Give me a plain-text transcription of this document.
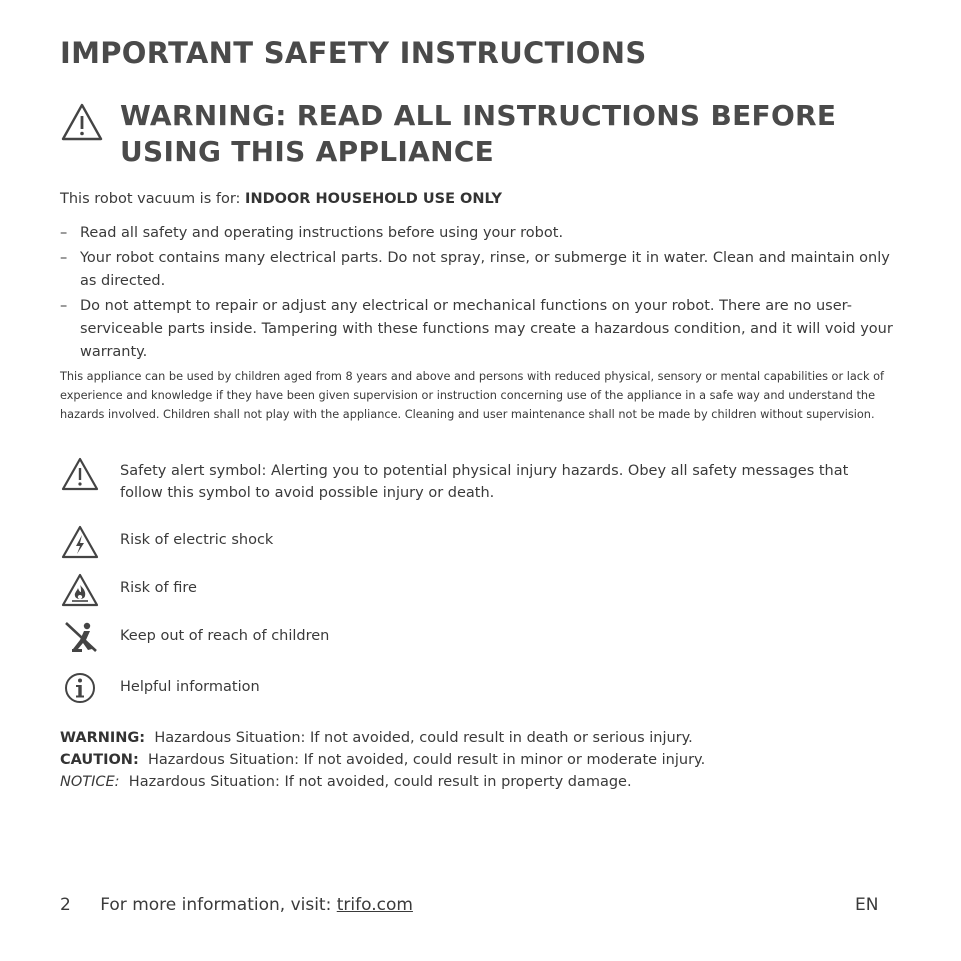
IMPORTANT SAFETY INSTRUCTIONS
WARNING: READ ALL INSTRUCTIONS BEFORE
USING THIS APPLIANCE
This robot vacuum is for: INDOOR HOUSEHOLD USE ONLY
– Read all safety and operating instructions before using your robot.
– Your robot contains many electrical parts. Do not spray, rinse, or submerge it in water. Clean and maintain only as directed.
– Do not attempt to repair or adjust any electrical or mechanical functions on your robot. There are no user-serviceable parts inside. Tampering with these functions may create a hazardous condition, and it will void your warranty.
This appliance can be used by children aged from 8 years and above and persons with reduced physical, sensory or mental capabilities or lack of experience and knowledge if they have been given supervision or instruction concerning use of the appliance in a safe way and understand the hazards involved. Children shall not play with the appliance. Cleaning and user maintenance shall not be made by children without supervision.
Safety alert symbol: Alerting you to potential physical injury hazards. Obey all safety messages that follow this symbol to avoid possible injury or death.
Risk of electric shock
Risk of fire
Keep out of reach of children
Helpful information
WARNING: Hazardous Situation: If not avoided, could result in death or serious injury.
CAUTION: Hazardous Situation: If not avoided, could result in minor or moderate injury.
NOTICE: Hazardous Situation: If not avoided, could result in property damage.
2 For more information, visit: trifo.com	EN
